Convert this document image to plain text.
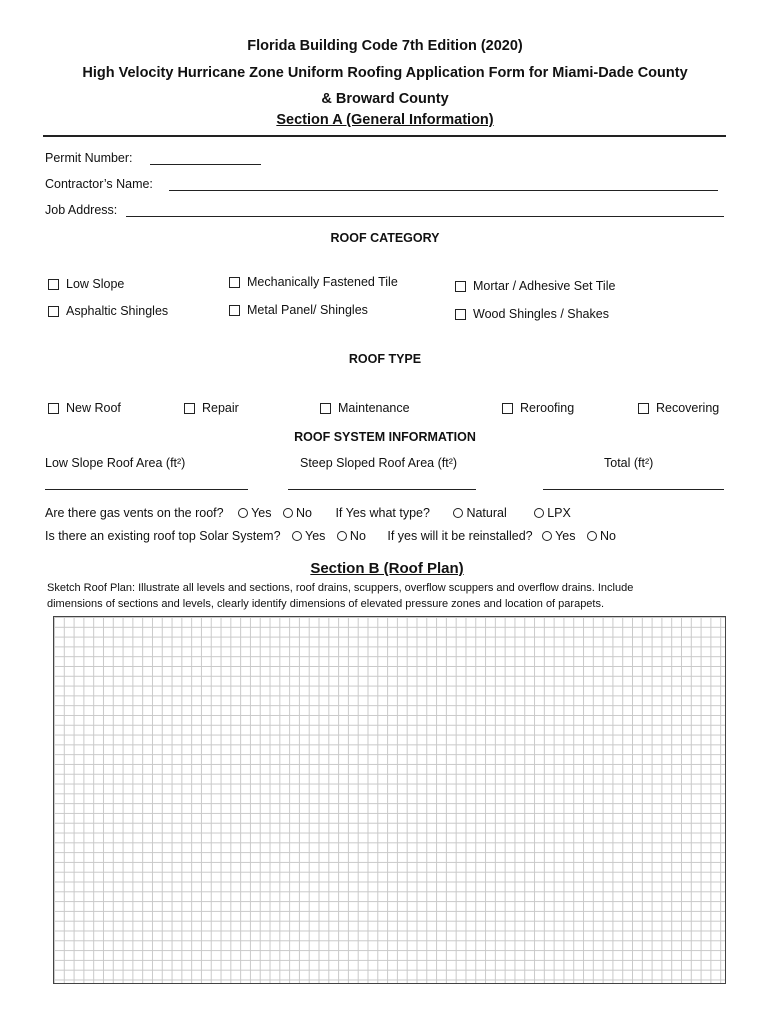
Florida Building Code 7th Edition (2020)
High Velocity Hurricane Zone Uniform Roofing Application Form for Miami-Dade County
& Broward County
Section A (General Information)
Permit Number:
Contractor’s Name:
Job Address:
ROOF CATEGORY
Low Slope	Mechanically Fastened Tile	Mortar / Adhesive Set Tile
Asphaltic Shingles	Metal Panel/ Shingles	Wood Shingles / Shakes
ROOF TYPE
New Roof	Repair	Maintenance	Reroofing	Recovering
ROOF SYSTEM INFORMATION
Low Slope Roof Area (ft²)	Steep Sloped Roof Area (ft²)	Total (ft²)
Are there gas vents on the roof? Yes No If Yes what type?	Natural	LPX
Is there an existing roof top Solar System? Yes No If yes will it be reinstalled? Yes No
Section B (Roof Plan)
Sketch Roof Plan: Illustrate all levels and sections, roof drains, scuppers, overflow scuppers and overflow drains. Include
dimensions of sections and levels, clearly identify dimensions of elevated pressure zones and location of parapets.
